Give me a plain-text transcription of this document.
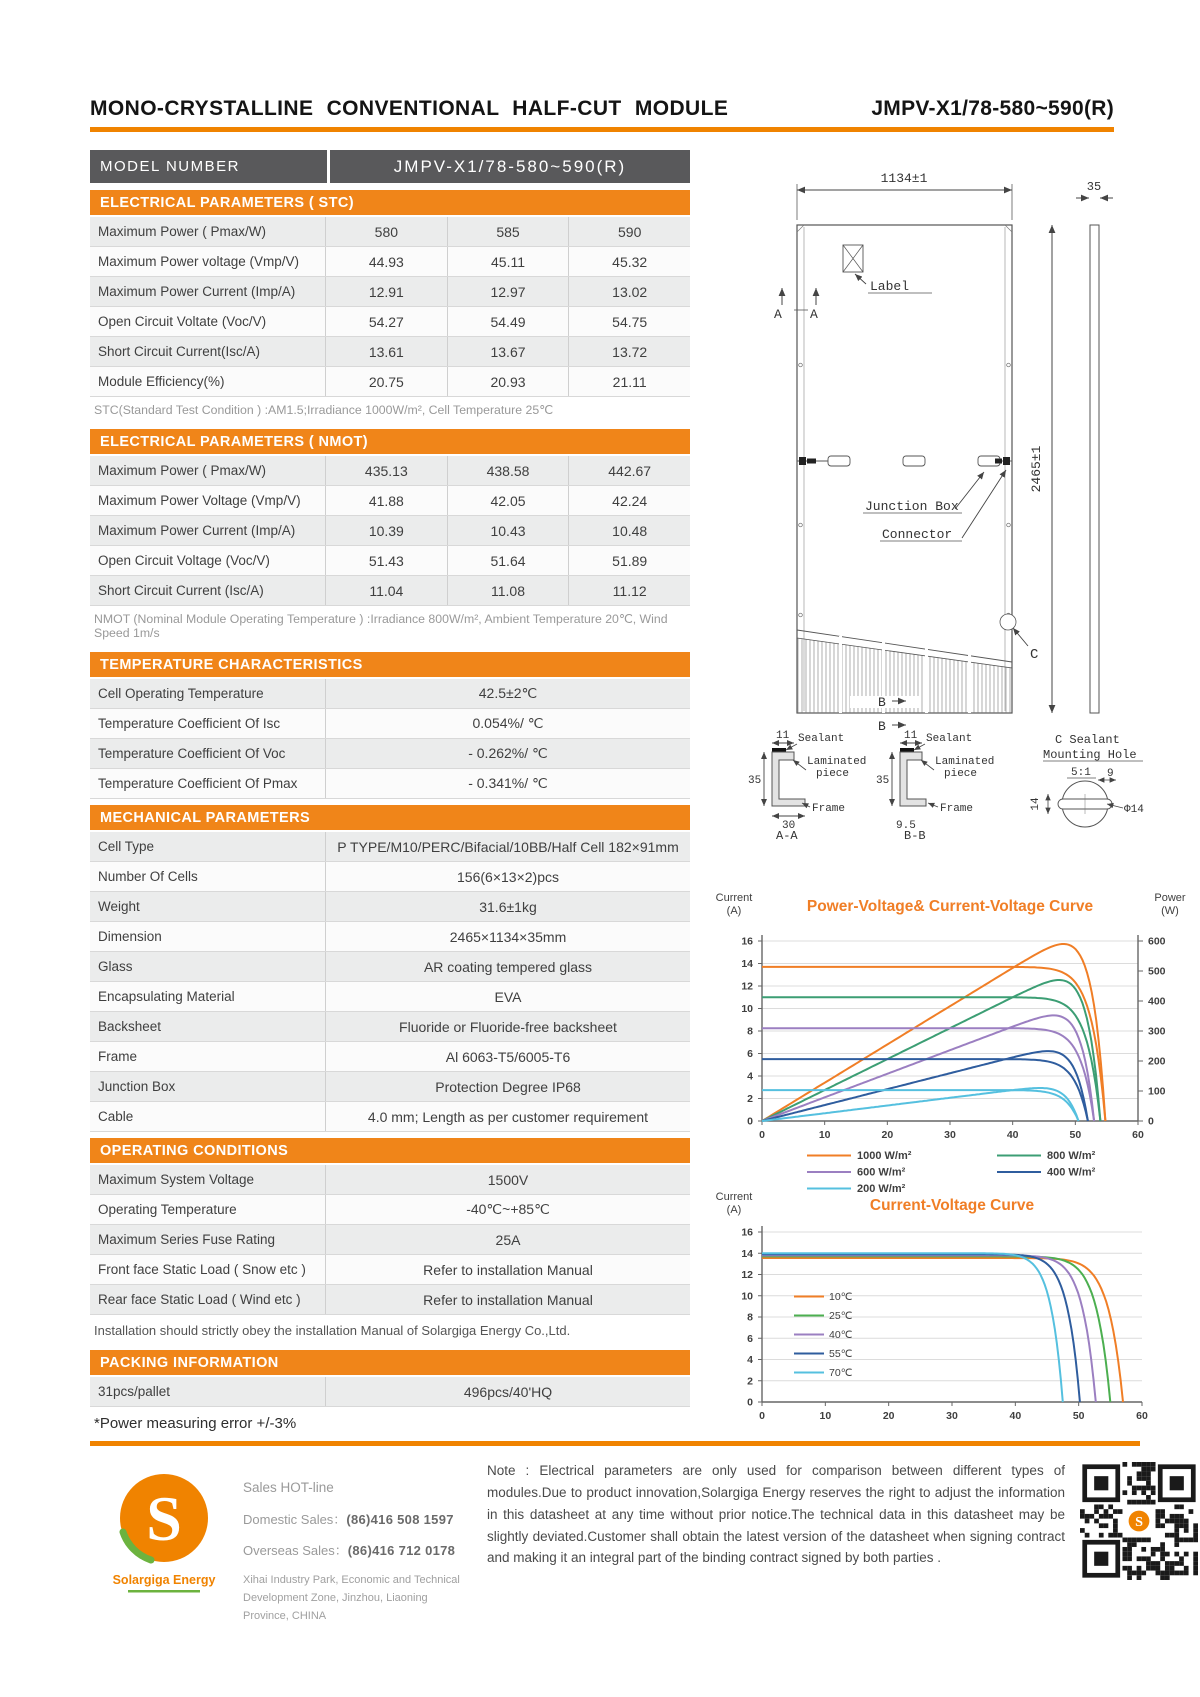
MONO-CRYSTALLINE CONVENTIONAL HALF-CUT MODULE	JMPV-X1/78-580~590(R)
MODEL NUMBER	JMPV-X1/78-580~590(R)
ELECTRICAL PARAMETERS ( STC)
Maximum Power ( Pmax/W)	580	585	590
Maximum Power voltage (Vmp/V)	44.93	45.11	45.32
Maximum Power Current (Imp/A)	12.91	12.97	13.02
Open Circuit Voltate (Voc/V)	54.27	54.49	54.75
Short Circuit Current(Isc/A)	13.61	13.67	13.72
Module Efficiency(%)	20.75	20.93	21.11
STC(Standard Test Condition ) :AM1.5;Irradiance 1000W/m², Cell Temperature 25℃
ELECTRICAL PARAMETERS ( NMOT)
Maximum Power ( Pmax/W)	435.13	438.58	442.67
Maximum Power Voltage (Vmp/V)	41.88	42.05	42.24
Maximum Power Current (Imp/A)	10.39	10.43	10.48
Open Circuit Voltage (Voc/V)	51.43	51.64	51.89
Short Circuit Current (Isc/A)	11.04	11.08	11.12
NMOT (Nominal Module Operating Temperature ) :Irradiance 800W/m², Ambient Temperature 20℃, Wind Speed 1m/s
TEMPERATURE CHARACTERISTICS
Cell Operating Temperature	42.5±2℃
Temperature Coefficient Of Isc	0.054%/ ℃
Temperature Coefficient Of Voc	- 0.262%/ ℃
Temperature Coefficient Of Pmax	- 0.341%/ ℃
MECHANICAL PARAMETERS
Cell Type	P TYPE/M10/PERC/Bifacial/10BB/Half Cell 182×91mm
Number Of Cells	156(6×13×2)pcs
Weight	31.6±1kg
Dimension	2465×1134×35mm
Glass	AR coating tempered glass
Encapsulating Material	EVA
Backsheet	Fluoride or Fluoride-free backsheet
Frame	Al 6063-T5/6005-T6
Junction Box	Protection Degree IP68
Cable	4.0 mm; Length as per customer requirement
OPERATING CONDITIONS
Maximum System Voltage	1500V
Operating Temperature	-40℃~+85℃
Maximum Series Fuse Rating	25A
Front face Static Load ( Snow etc )	Refer to installation Manual
Rear face Static Load ( Wind etc )	Refer to installation Manual
Installation should strictly obey the installation Manual of Solargiga Energy Co.,Ltd.
PACKING INFORMATION
31pcs/pallet	496pcs/40'HQ
*Power measuring error +/-3%
1134±1
35
2465±1
Label
A A
Junction Box
Connector
B
B
C
11 Sealant
Laminated
piece
35
30
Frame
A-A
11 Sealant
Laminated
piece
35
9.5
Frame
B-B
C Sealant
Mounting Hole
5:1 9
Φ14
14
0
2
4
6
8
10
12
14
16
0
100
200
300
400
500
600
0	10	20	30	40	50	60
Power-Voltage& Current-Voltage Curve
Current
(A)
Power
(W)
1000 W/m²	800 W/m²
600 W/m²	400 W/m²
200 W/m²
0
2
4
6
8
10
12
14
16
0	10	20	30	40	50	60
Current-Voltage Curve
Current
(A)
10℃
25℃
40℃
55℃
70℃
S
Solargiga Energy
Sales HOT-line
Domestic Sales：(86)416 508 1597
Overseas Sales：(86)416 712 0178
Xihai Industry Park, Economic and Technical
Development Zone, Jinzhou, Liaoning
Province, CHINA
Note : Electrical parameters are only used for comparison between different types of modules.Due to product innovation,Solargiga Energy reserves the right to adjust the information in this datasheet at any time without prior notice.The technical data in this datasheet may be slightly deviated.Customer shall obtain the latest version of the datasheet when signing contract and making it an integral part of the binding contract signed by both parties .
S
